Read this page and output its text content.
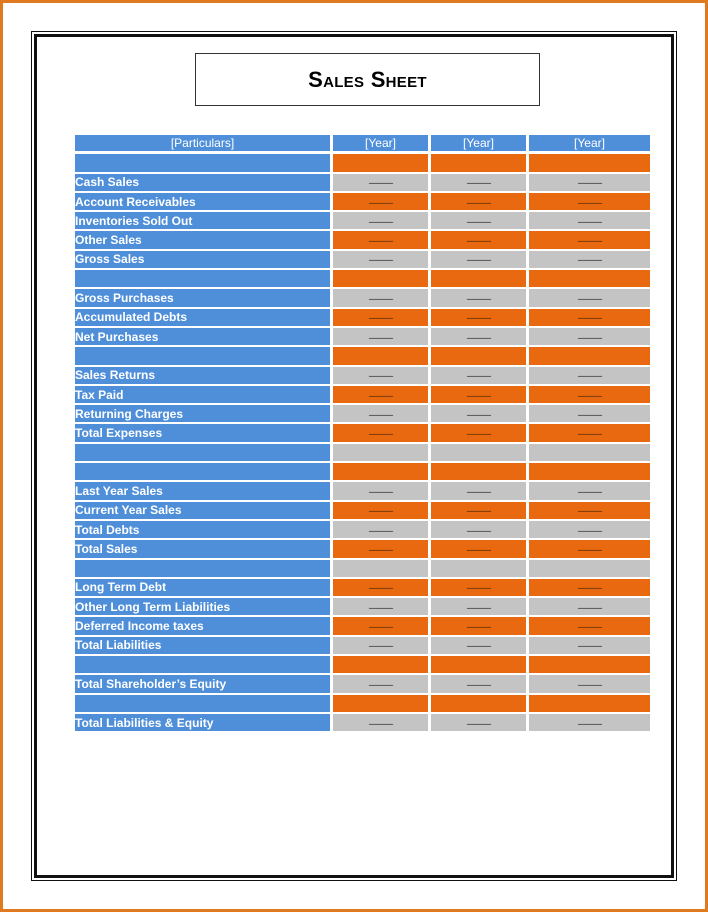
Sales Sheet
[Particulars]	[Year]	[Year]	[Year]

Cash Sales	------------	------------	------------
Account Receivables	------------	------------	------------
Inventories Sold Out	------------	------------	------------
Other Sales	------------	------------	------------
Gross Sales	------------	------------	------------

Gross Purchases	------------	------------	------------
Accumulated Debts	------------	------------	------------
Net Purchases	------------	------------	------------

Sales Returns	------------	------------	------------
Tax Paid	------------	------------	------------
Returning Charges	------------	------------	------------
Total Expenses	------------	------------	------------

Last Year Sales	------------	------------	------------
Current Year Sales	------------	------------	------------
Total Debts	------------	------------	------------
Total Sales	------------	------------	------------

Long Term Debt	------------	------------	------------
Other Long Term Liabilities	------------	------------	------------
Deferred Income taxes	------------	------------	------------
Total Liabilities	------------	------------	------------

Total Shareholder’s Equity	------------	------------	------------

Total Liabilities & Equity	------------	------------	------------
